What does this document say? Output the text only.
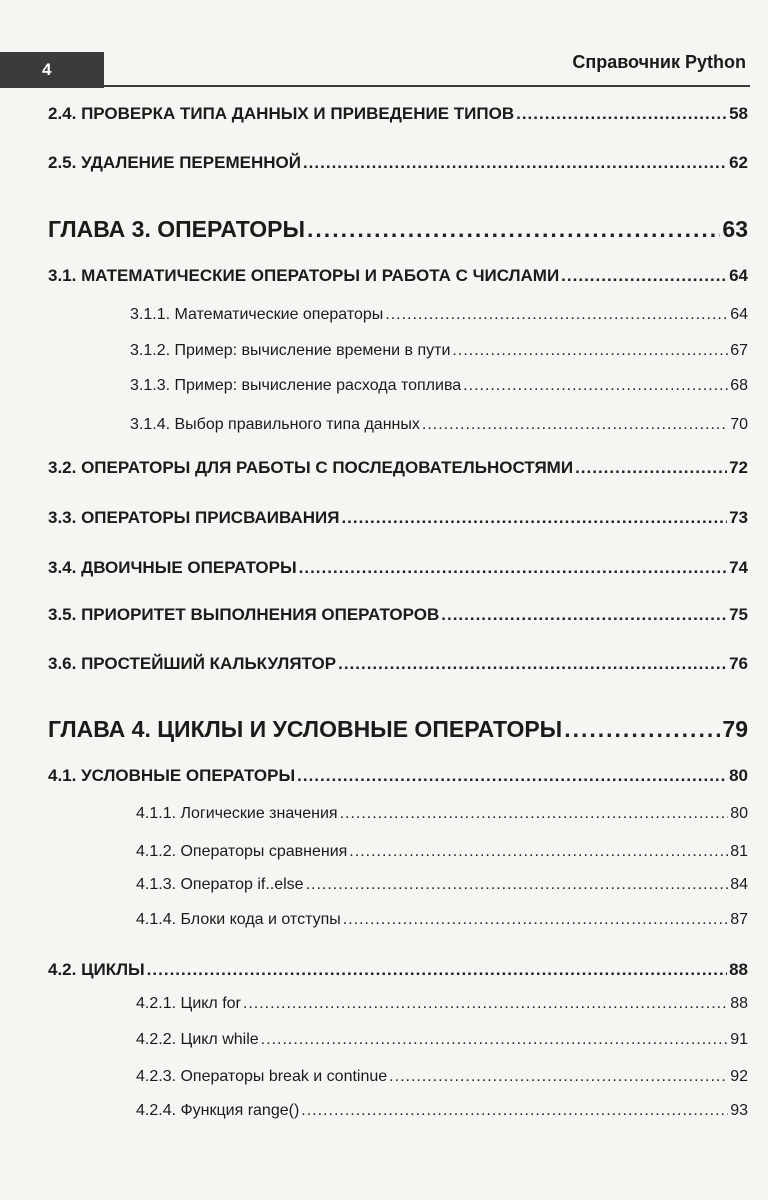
4	Справочник Python
2.4. ПРОВЕРКА ТИПА ДАННЫХ И ПРИВЕДЕНИЕ ТИПОВ .....	58
2.5. УДАЛЕНИЕ ПЕРЕМЕННОЙ .....	62
ГЛАВА 3. ОПЕРАТОРЫ .....	63
3.1. МАТЕМАТИЧЕСКИЕ ОПЕРАТОРЫ И РАБОТА С ЧИСЛАМИ .....	64
3.1.1. Математические операторы .....	64
3.1.2. Пример: вычисление времени в пути .....	67
3.1.3. Пример: вычисление расхода топлива .....	68
3.1.4. Выбор правильного типа данных .....	70
3.2. ОПЕРАТОРЫ ДЛЯ РАБОТЫ С ПОСЛЕДОВАТЕЛЬНОСТЯМИ .....	72
3.3. ОПЕРАТОРЫ ПРИСВАИВАНИЯ .....	73
3.4. ДВОИЧНЫЕ ОПЕРАТОРЫ .....	74
3.5. ПРИОРИТЕТ ВЫПОЛНЕНИЯ ОПЕРАТОРОВ .....	75
3.6. ПРОСТЕЙШИЙ КАЛЬКУЛЯТОР .....	76
ГЛАВА 4. ЦИКЛЫ И УСЛОВНЫЕ ОПЕРАТОРЫ .....	79
4.1. УСЛОВНЫЕ ОПЕРАТОРЫ .....	80
4.1.1. Логические значения .....	80
4.1.2. Операторы сравнения .....	81
4.1.3. Оператор if..else .....	84
4.1.4. Блоки кода и отступы .....	87
4.2. ЦИКЛЫ .....	88
4.2.1. Цикл for .....	88
4.2.2. Цикл while .....	91
4.2.3. Операторы break и continue .....	92
4.2.4. Функция range() .....	93
